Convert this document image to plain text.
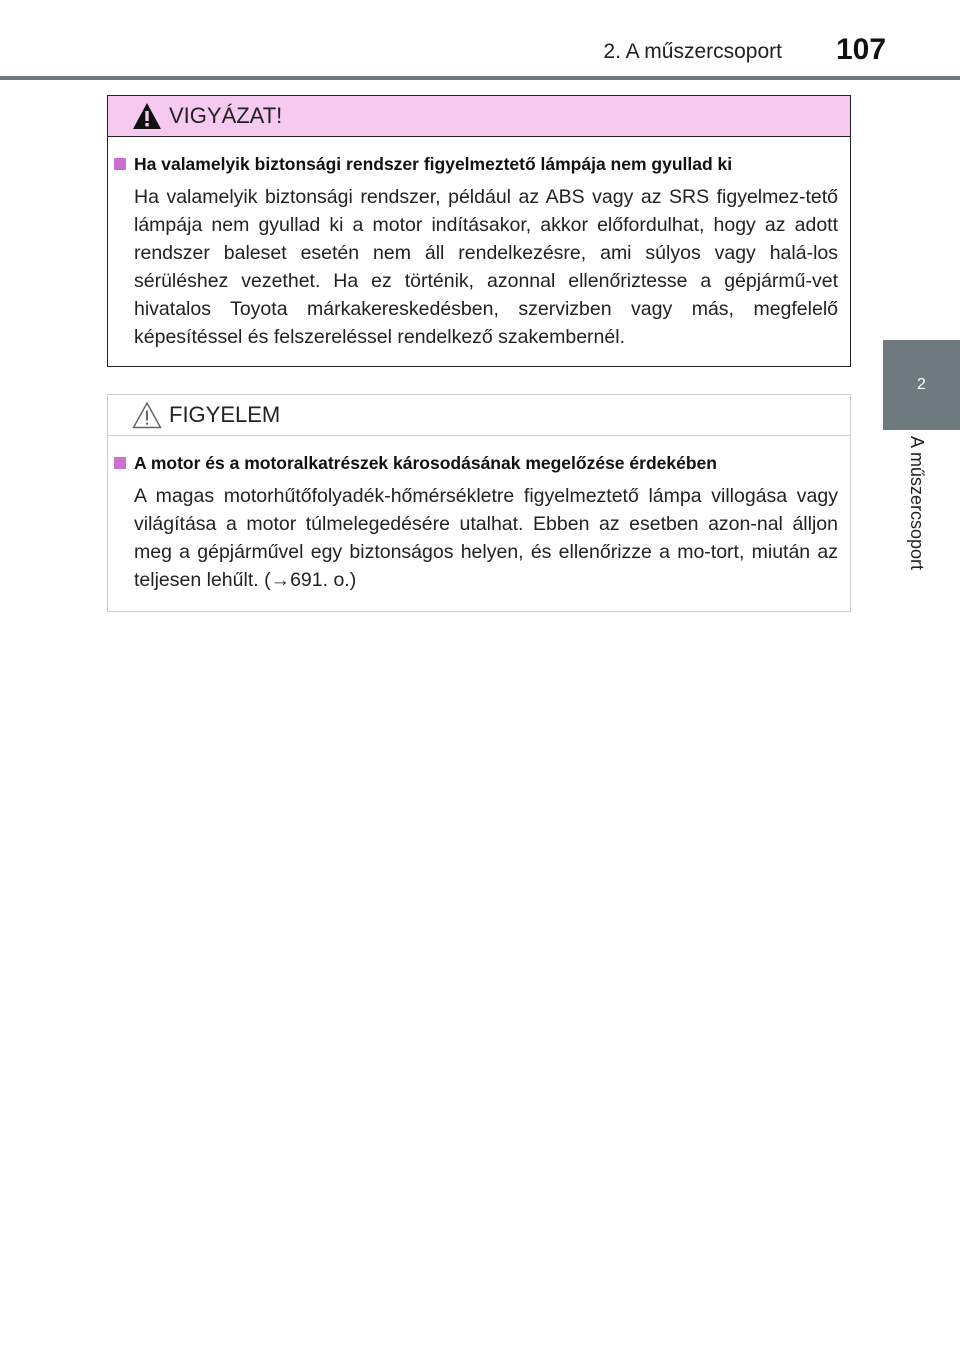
2. A műszercsoport 107
2
A műszercsoport
VIGYÁZAT!
Ha valamelyik biztonsági rendszer figyelmeztető lámpája nem gyullad ki
Ha valamelyik biztonsági rendszer, például az ABS vagy az SRS figyelmez-tető lámpája nem gyullad ki a motor indításakor, akkor előfordulhat, hogy az adott rendszer baleset esetén nem áll rendelkezésre, ami súlyos vagy halá-los sérüléshez vezethet. Ha ez történik, azonnal ellenőriztesse a gépjármű-vet hivatalos Toyota márkakereskedésben, szervizben vagy más, megfelelő képesítéssel és felszereléssel rendelkező szakembernél.
FIGYELEM
A motor és a motoralkatrészek károsodásának megelőzése érdekében
A magas motorhűtőfolyadék-hőmérsékletre figyelmeztető lámpa villogása vagy világítása a motor túlmelegedésére utalhat. Ebben az esetben azon-nal álljon meg a gépjárművel egy biztonságos helyen, és ellenőrizze a mo-tort, miután az teljesen lehűlt. (→691. o.)
